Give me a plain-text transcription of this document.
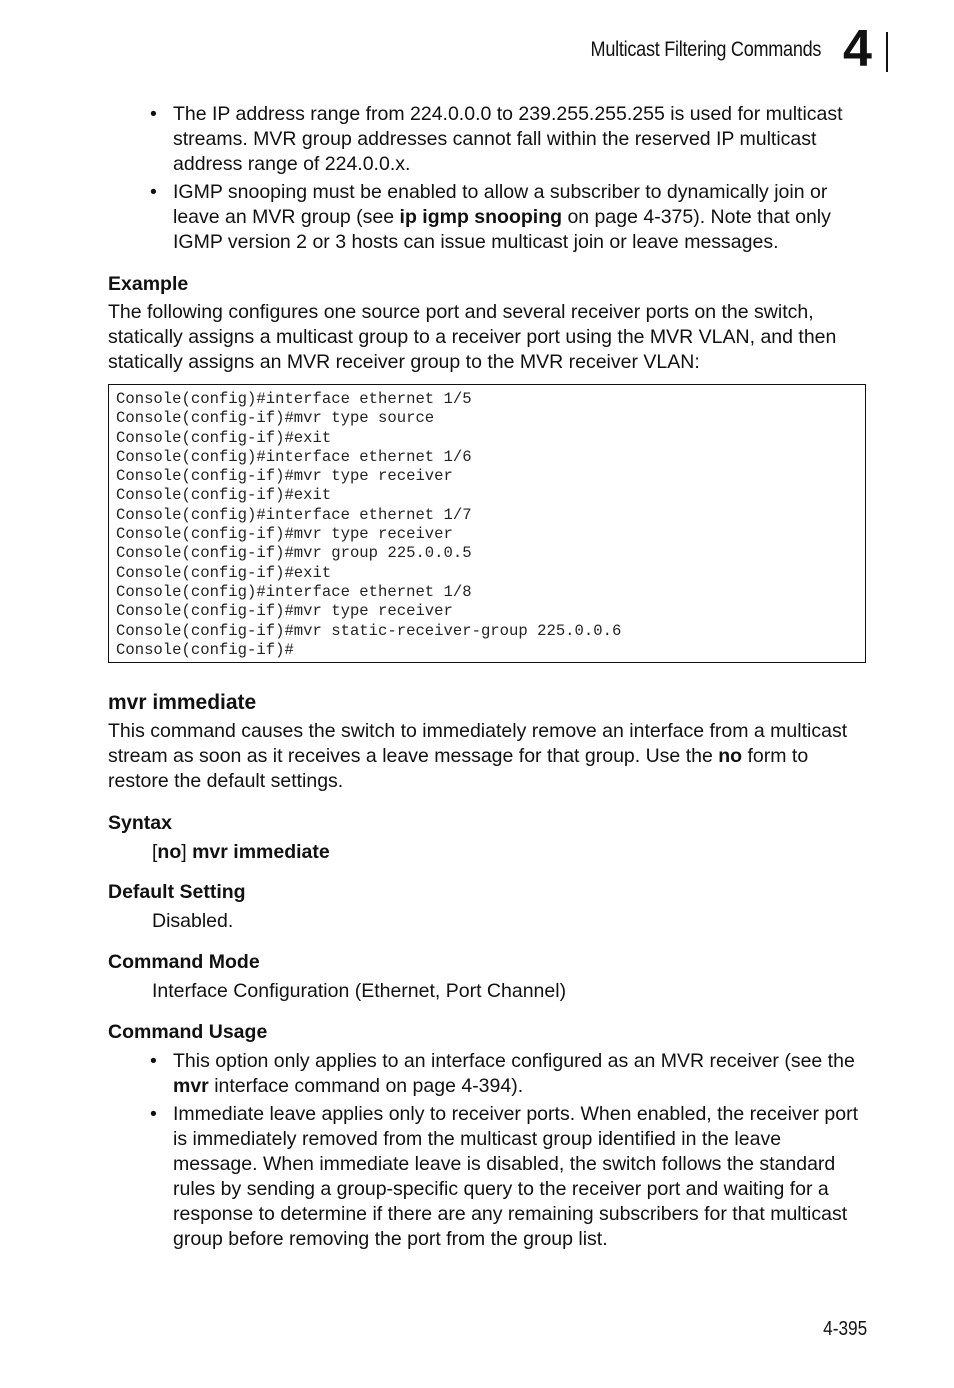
Multicast Filtering Commands 4
• The IP address range from 224.0.0.0 to 239.255.255.255 is used for multicast streams. MVR group addresses cannot fall within the reserved IP multicast address range of 224.0.0.x.
• IGMP snooping must be enabled to allow a subscriber to dynamically join or leave an MVR group (see ip igmp snooping on page 4-375). Note that only IGMP version 2 or 3 hosts can issue multicast join or leave messages.
Example
The following configures one source port and several receiver ports on the switch, statically assigns a multicast group to a receiver port using the MVR VLAN, and then statically assigns an MVR receiver group to the MVR receiver VLAN:
Console(config)#interface ethernet 1/5
Console(config-if)#mvr type source
Console(config-if)#exit
Console(config)#interface ethernet 1/6
Console(config-if)#mvr type receiver
Console(config-if)#exit
Console(config)#interface ethernet 1/7
Console(config-if)#mvr type receiver
Console(config-if)#mvr group 225.0.0.5
Console(config-if)#exit
Console(config)#interface ethernet 1/8
Console(config-if)#mvr type receiver
Console(config-if)#mvr static-receiver-group 225.0.0.6
Console(config-if)#
mvr immediate
This command causes the switch to immediately remove an interface from a multicast stream as soon as it receives a leave message for that group. Use the no form to restore the default settings.
Syntax
[no] mvr immediate
Default Setting
Disabled.
Command Mode
Interface Configuration (Ethernet, Port Channel)
Command Usage
• This option only applies to an interface configured as an MVR receiver (see the mvr interface command on page 4-394).
• Immediate leave applies only to receiver ports. When enabled, the receiver port is immediately removed from the multicast group identified in the leave message. When immediate leave is disabled, the switch follows the standard rules by sending a group-specific query to the receiver port and waiting for a response to determine if there are any remaining subscribers for that multicast group before removing the port from the group list.
4-395
